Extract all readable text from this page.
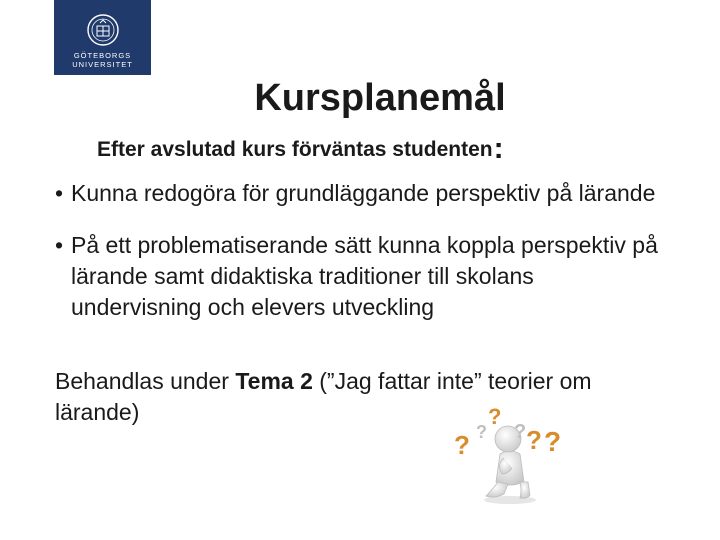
GÖTEBORGS
UNIVERSITET
Kursplanemål

Efter avslutad kurs förväntas studenten:

• Kunna redogöra för grundläggande perspektiv på lärande
• På ett problematiserande sätt kunna koppla perspektiv på lärande samt didaktiska traditioner till skolans undervisning och elevers utveckling

Behandlas under Tema 2 (”Jag fattar inte” teorier om lärande)

? ?
?
? ? ?
